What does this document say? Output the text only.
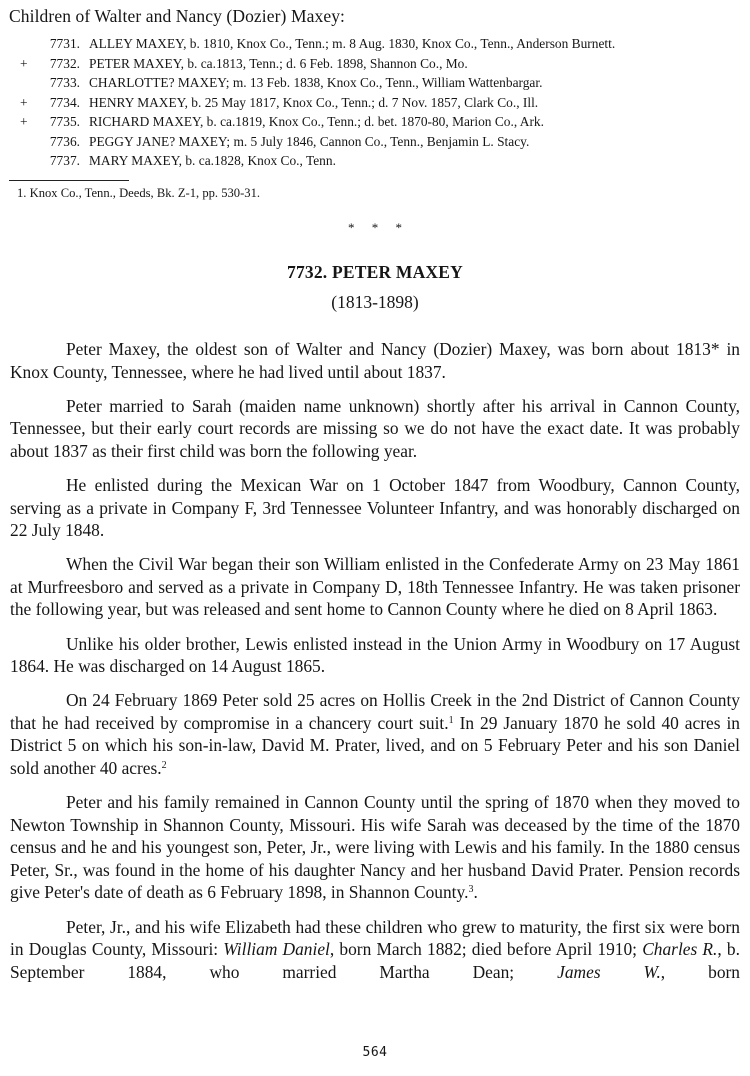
Children of Walter and Nancy (Dozier) Maxey:
7731. ALLEY MAXEY, b. 1810, Knox Co., Tenn.; m. 8 Aug. 1830, Knox Co., Tenn., Anderson Burnett.
+	7732. PETER MAXEY, b. ca.1813, Tenn.; d. 6 Feb. 1898, Shannon Co., Mo.
7733. CHARLOTTE? MAXEY; m. 13 Feb. 1838, Knox Co., Tenn., William Wattenbargar.
+	7734. HENRY MAXEY, b. 25 May 1817, Knox Co., Tenn.; d. 7 Nov. 1857, Clark Co., Ill.
+	7735. RICHARD MAXEY, b. ca.1819, Knox Co., Tenn.; d. bet. 1870-80, Marion Co., Ark.
7736. PEGGY JANE? MAXEY; m. 5 July 1846, Cannon Co., Tenn., Benjamin L. Stacy.
7737. MARY MAXEY, b. ca.1828, Knox Co., Tenn.
1. Knox Co., Tenn., Deeds, Bk. Z-1, pp. 530-31.
* * *
7732. PETER MAXEY
(1813-1898)

Peter Maxey, the oldest son of Walter and Nancy (Dozier) Maxey, was born about 1813* in Knox County, Tennessee, where he had lived until about 1837.

Peter married to Sarah (maiden name unknown) shortly after his arrival in Cannon County, Tennessee, but their early court records are missing so we do not have the exact date. It was probably about 1837 as their first child was born the following year.

He enlisted during the Mexican War on 1 October 1847 from Woodbury, Cannon County, serving as a private in Company F, 3rd Tennessee Volunteer Infantry, and was honorably discharged on 22 July 1848.

When the Civil War began their son William enlisted in the Confederate Army on 23 May 1861 at Murfreesboro and served as a private in Company D, 18th Tennessee Infantry. He was taken prisoner the following year, but was released and sent home to Cannon County where he died on 8 April 1863.

Unlike his older brother, Lewis enlisted instead in the Union Army in Woodbury on 17 August 1864. He was discharged on 14 August 1865.

On 24 February 1869 Peter sold 25 acres on Hollis Creek in the 2nd District of Cannon County that he had received by compromise in a chancery court suit.$^1$ In 29 January 1870 he sold 40 acres in District 5 on which his son-in-law, David M. Prater, lived, and on 5 February Peter and his son Daniel sold another 40 acres.$^2$

Peter and his family remained in Cannon County until the spring of 1870 when they moved to Newton Township in Shannon County, Missouri. His wife Sarah was deceased by the time of the 1870 census and he and his youngest son, Peter, Jr., were living with Lewis and his family. In the 1880 census Peter, Sr., was found in the home of his daughter Nancy and her husband David Prater. Pension records give Peter's date of death as 6 February 1898, in Shannon County.$^3$.

Peter, Jr., and his wife Elizabeth had these children who grew to maturity, the first six were born in Douglas County, Missouri: William Daniel, born March 1882; died before April 1910; Charles R., b. September 1884, who married Martha Dean; James W., born

564
